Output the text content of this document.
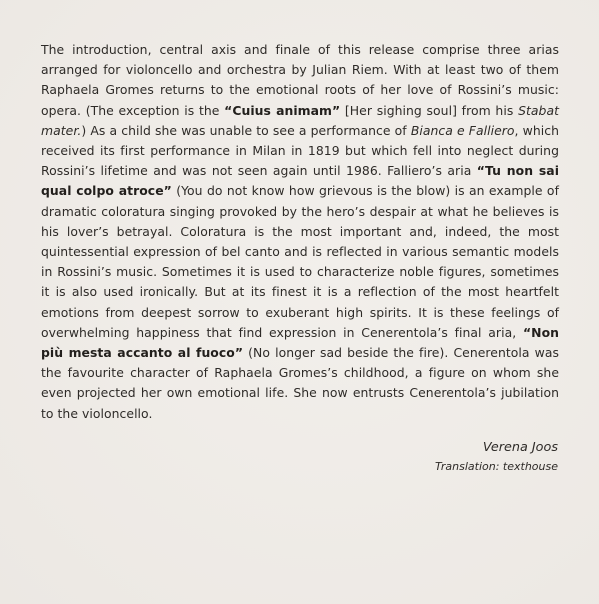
The introduction, central axis and finale of this release comprise three arias arranged for violoncello and orchestra by Julian Riem. With at least two of them Raphaela Gromes returns to the emotional roots of her love of Rossini’s music: opera. (The exception is the “Cuius animam” [Her sighing soul] from his Stabat mater.) As a child she was unable to see a performance of Bianca e Falliero, which received its first performance in Milan in 1819 but which fell into neglect during Rossini’s lifetime and was not seen again until 1986. Falliero’s aria “Tu non sai qual colpo atroce” (You do not know how grievous is the blow) is an example of dramatic coloratura singing provoked by the hero’s despair at what he believes is his lover’s betrayal. Coloratura is the most important and, indeed, the most quintessential expression of bel canto and is reflected in various semantic models in Rossini’s music. Sometimes it is used to characterize noble figures, sometimes it is also used ironically. But at its finest it is a reflection of the most heartfelt emotions from deepest sorrow to exuberant high spirits. It is these feelings of overwhelming happiness that find expression in Cenerentola’s final aria, “Non più mesta accanto al fuoco” (No longer sad beside the fire). Cenerentola was the favourite character of Raphaela Gromes’s childhood, a figure on whom she even projected her own emotional life. She now entrusts Cenerentola’s jubilation to the violoncello.

Verena Joos
Translation: texthouse
